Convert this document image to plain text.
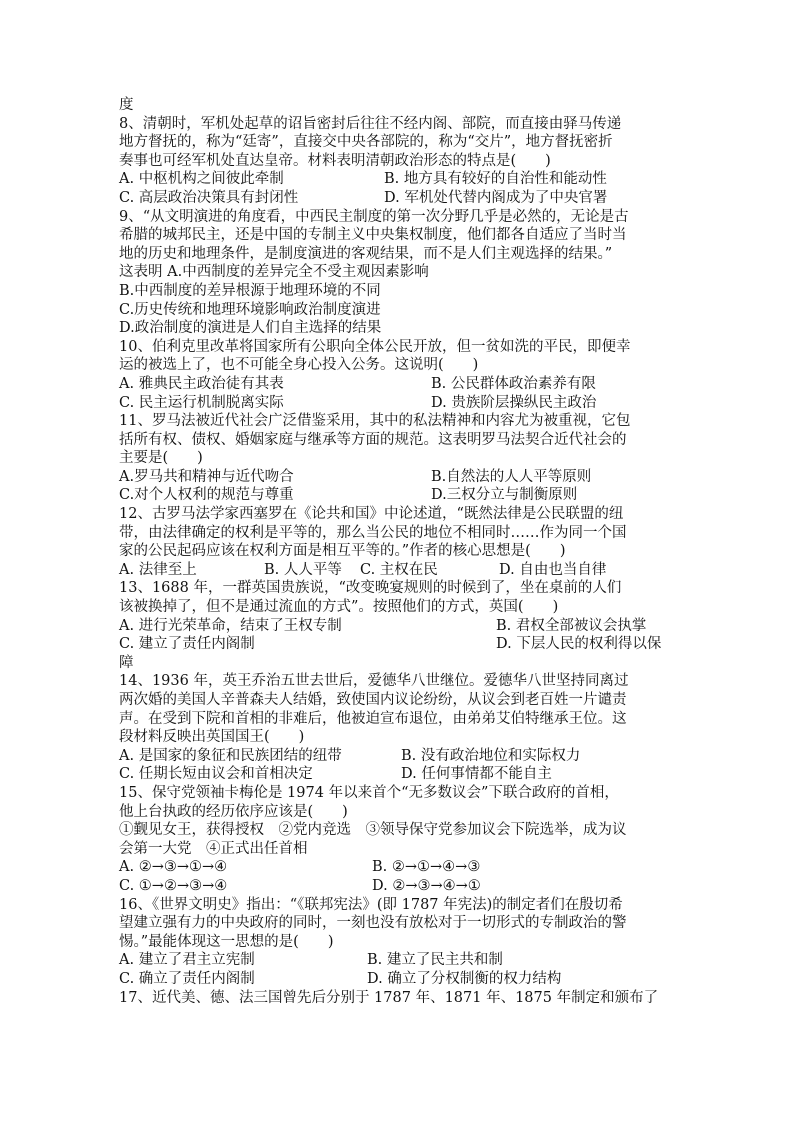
度
8、清朝时，军机处起草的诏旨密封后往往不经内阁、部院，而直接由驿马传递
地方督抚的，称为“廷寄”，直接交中央各部院的，称为“交片”，地方督抚密折
奏事也可经军机处直达皇帝。材料表明清朝政治形态的特点是(　　)
A. 中枢机构之间彼此牵制	B. 地方具有较好的自治性和能动性
C. 高层政治决策具有封闭性	D. 军机处代替内阁成为了中央官署
9、“从文明演进的角度看，中西民主制度的第一次分野几乎是必然的，无论是古
希腊的城邦民主，还是中国的专制主义中央集权制度，他们都各自适应了当时当
地的历史和地理条件，是制度演进的客观结果，而不是人们主观选择的结果。”
这表明 A.中西制度的差异完全不受主观因素影响
B.中西制度的差异根源于地理环境的不同
C.历史传统和地理环境影响政治制度演进
D.政治制度的演进是人们自主选择的结果
10、伯利克里改革将国家所有公职向全体公民开放，但一贫如洗的平民，即便幸
运的被选上了，也不可能全身心投入公务。这说明(　　)
A. 雅典民主政治徒有其表	B. 公民群体政治素养有限
C. 民主运行机制脱离实际	D. 贵族阶层操纵民主政治
11、罗马法被近代社会广泛借鉴采用，其中的私法精神和内容尤为被重视，它包
括所有权、债权、婚姻家庭与继承等方面的规范。这表明罗马法契合近代社会的
主要是(　　)
A.罗马共和精神与近代吻合	B.自然法的人人平等原则
C.对个人权利的规范与尊重	D.三权分立与制衡原则
12、古罗马法学家西塞罗在《论共和国》中论述道，“既然法律是公民联盟的纽
带，由法律确定的权利是平等的，那么当公民的地位不相同时……作为同一个国
家的公民起码应该在权利方面是相互平等的。”作者的核心思想是(　　)
A. 法律至上	B. 人人平等	C. 主权在民	D. 自由也当自律
13、1688 年，一群英国贵族说，“改变晚宴规则的时候到了，坐在桌前的人们
该被换掉了，但不是通过流血的方式”。按照他们的方式，英国(　　)
A. 进行光荣革命，结束了王权专制	B. 君权全部被议会执掌
C. 建立了责任内阁制	D. 下层人民的权利得以保
障
14、1936 年，英王乔治五世去世后，爱德华八世继位。爱德华八世坚持同离过
两次婚的美国人辛普森夫人结婚，致使国内议论纷纷，从议会到老百姓一片谴责
声。在受到下院和首相的非难后，他被迫宣布退位，由弟弟艾伯特继承王位。这
段材料反映出英国国王(　　)
A. 是国家的象征和民族团结的纽带	B. 没有政治地位和实际权力
C. 任期长短由议会和首相决定	D. 任何事情都不能自主
15、保守党领袖卡梅伦是 1974 年以来首个“无多数议会”下联合政府的首相，
他上台执政的经历依序应该是(　　)
①觐见女王，获得授权　②党内竞选　③领导保守党参加议会下院选举，成为议
会第一大党　④正式出任首相
A. ②→③→①→④	B. ②→①→④→③
C. ①→②→③→④	D. ②→③→④→①
16、《世界文明史》指出：“《联邦宪法》(即 1787 年宪法)的制定者们在殷切希
望建立强有力的中央政府的同时，一刻也没有放松对于一切形式的专制政治的警
惕。”最能体现这一思想的是(　　)
A. 建立了君主立宪制	B. 建立了民主共和制
C. 确立了责任内阁制	D. 确立了分权制衡的权力结构
17、近代美、德、法三国曾先后分别于 1787 年、1871 年、1875 年制定和颁布了
